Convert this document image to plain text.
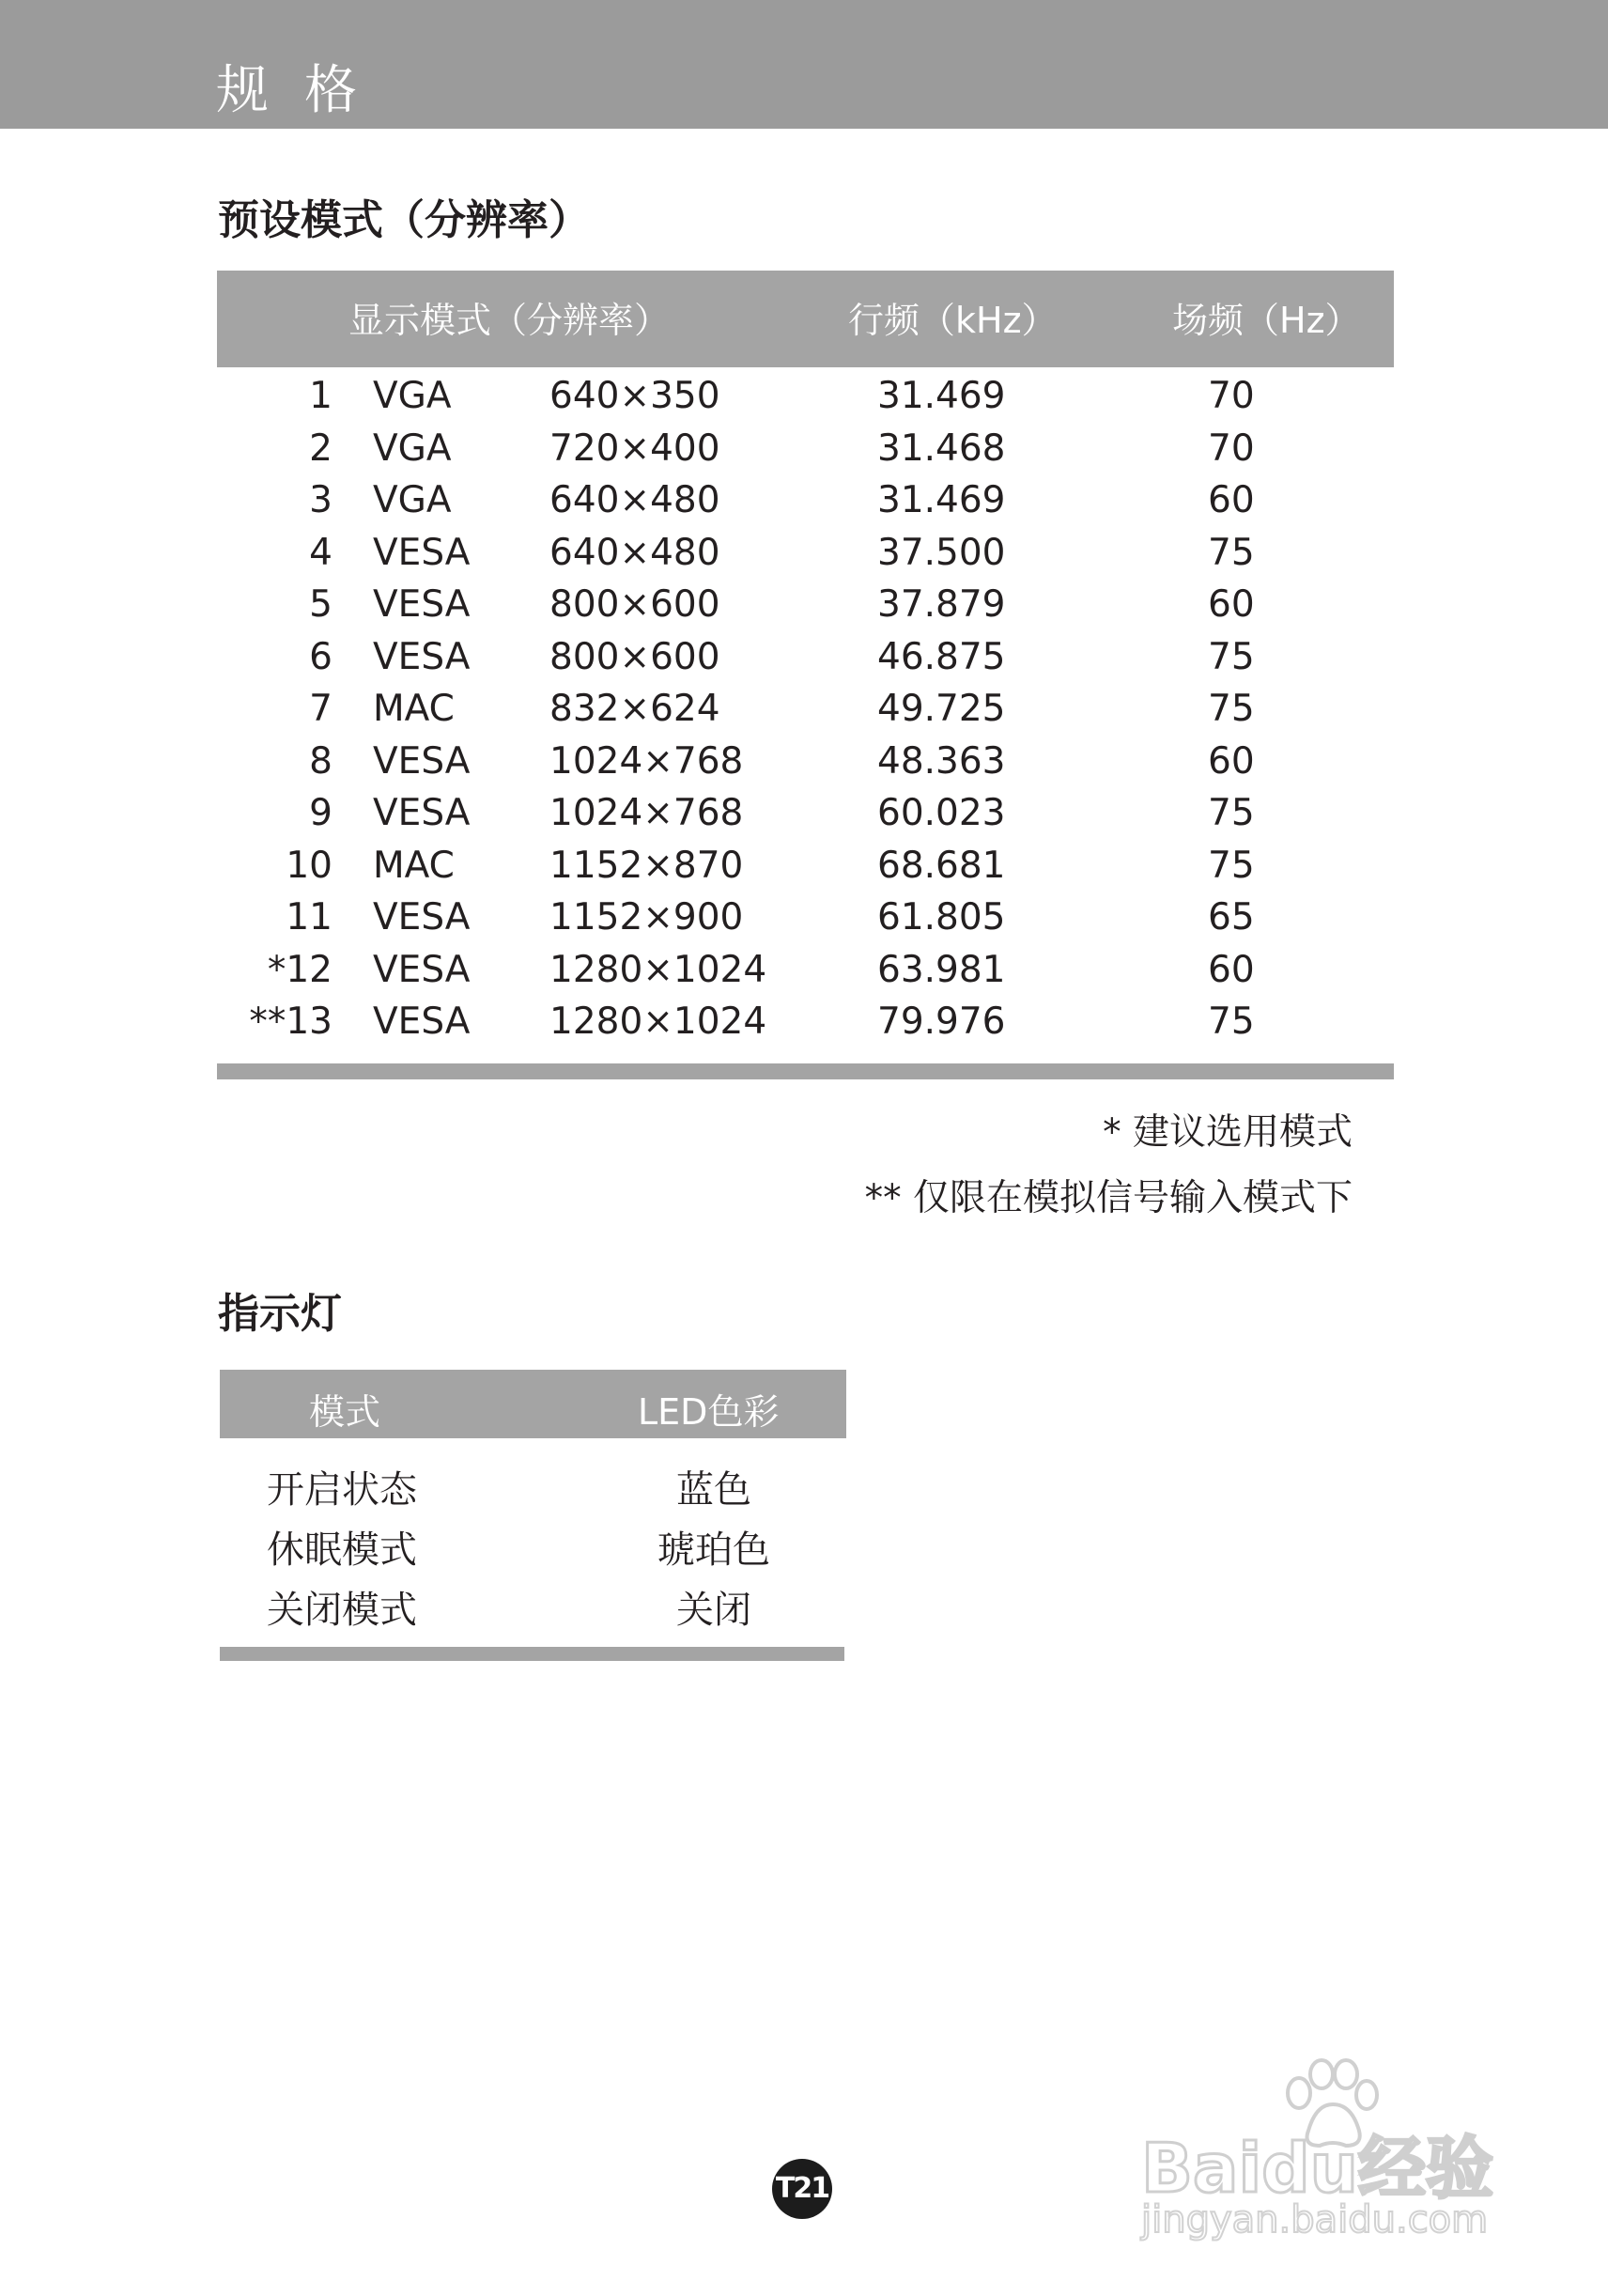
规格
预设模式（分辨率）
显示模式（分辨率）	行频（kHz）	场频（Hz）
1 VGA	640×350	31.469	70
2 VGA	720×400	31.468	70
3 VGA	640×480	31.469	60
4 VESA 640×480	37.500	75
5 VESA 800×600	37.879	60
6 VESA 800×600	46.875	75
7 MAC	832×624	49.725	75
8 VESA 1024×768	48.363	60
9 VESA 1024×768	60.023	75
10 MAC	1152×870	68.681	75
11 VESA 1152×900	61.805	65
*12 VESA 1280×1024	63.981	60
**13 VESA 1280×1024	79.976	75
* 建议选用模式
** 仅限在模拟信号输入模式下
指示灯
模式	LED色彩
开启状态	蓝色
休眠模式	琥珀色
关闭模式	关闭
T21	Baidu经验
jingyan.baidu.com
